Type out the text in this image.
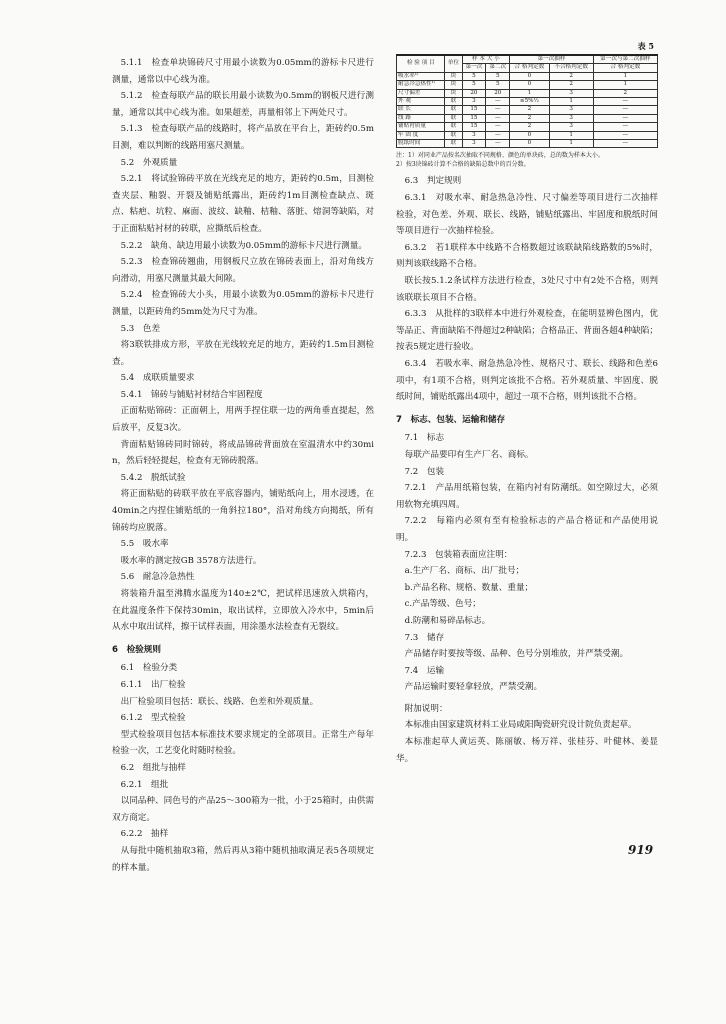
5.1.1　检查单块锦砖尺寸用最小读数为0.05mm的游标卡尺进行测量，通常以中心线为准。

5.1.2　检查每联产品的联长用最小读数为0.5mm的钢板尺进行测量，通常以其中心线为准。如果超差，再量相邻上下两处尺寸。

5.1.3　检查每联产品的线路时，将产品放在平台上，距砖约0.5m目测，难以判断的线路用塞尺测量。

5.2　外观质量

5.2.1　将试验锦砖平放在光线充足的地方，距砖约0.5m，目测检查夹层、釉裂、开裂及铺贴纸露出，距砖约1m目测检查缺点、斑点、粘疤、坑粒、麻面、波纹、缺釉、桔釉、落脏、熔洞等缺陷，对于正面粘贴衬材的砖联，应撕纸后检查。

5.2.2　缺角、缺边用最小读数为0.05mm的游标卡尺进行测量。

5.2.3　检查锦砖翘曲，用钢板尺立放在锦砖表面上，沿对角线方向滑动，用塞尺测量其最大间隙。

5.2.4　检查锦砖大小头，用最小读数为0.05mm的游标卡尺进行测量，以距砖角约5mm处为尺寸为准。

5.3　色差

将3联铁排成方形，平放在光线较充足的地方，距砖约1.5m目测检查。

5.4　成联质量要求

5.4.1　锦砖与铺贴衬材结合牢固程度

正面粘贴锦砖：正面朝上，用两手捏住联一边的两角垂直提起，然后放平，反复3次。

背面粘贴锦砖同时锦砖，将成品锦砖背面放在室温清水中约30min，然后轻轻提起，检查有无锦砖脱落。

5.4.2　脱纸试验

将正面粘贴的砖联平放在平底容器内，铺贴纸向上，用水浸透，在40min之内捏住铺贴纸的一角斜拉180°，沿对角线方向揭纸，所有锦砖均应脱落。

5.5　吸水率

吸水率的测定按GB 3578方法进行。

5.6　耐急冷急热性

将装箱升温至沸腾水温度为140±2℃，把试样迅速放入烘箱内，在此温度条件下保持30min，取出试样，立即放入冷水中，5min后从水中取出试样，擦干试样表面，用涂墨水法检查有无裂纹。

6　检验规则

6.1　检验分类

6.1.1　出厂检验

出厂检验项目包括：联长、线路、色差和外观质量。

6.1.2　型式检验

型式检验项目包括本标准技术要求规定的全部项目。正常生产每年检验一次，工艺变化时随时检验。

6.2　组批与抽样

6.2.1　组批

以同品种、同色号的产品25～300箱为一批，小于25箱时，由供需双方商定。

6.2.2　抽样

从每批中随机抽取3箱，然后再从3箱中随机抽取满足表5各项规定的样本量。

表 5
检 验 项 目	单位	样 本 大 小		第一次抽样		第一次与第二次抽样
		第一次	第二次	合 格判定数	不合格判定数	合 格判定数
吸水率¹⁾	块	5	5	0	2	1
耐急冷急热性¹⁾	块	5	5	0	2	1
尺寸偏差	块	20	20	1	3	2
外 观	联	3	—	≤5%½	1	—
联 长	联	15	—	2	3	—
线 路	联	15	—	2	3	—
铺贴衬质量	联	15	—	2	3	—
牢 固 度	联	3	—	0	1	—
脱纸时间	联	3	—	0	1	—
注：1）对同业产品按名次抽取不同规格、颜色的单块砖，总的数为样本大小。
2）按3块锦砖计算不合格的缺陷总数中的百分数。

6.3　判定规则

6.3.1　对吸水率、耐急热急冷性、尺寸偏差等项目进行二次抽样检验，对色差、外观、联长、线路，铺贴纸露出、牢固度和脱纸时间等项目进行一次抽样检验。

6.3.2　若1联样本中线路不合格数超过该联缺陷线路数的5%时，则判该联线路不合格。

联长按5.1.2条试样方法进行检查，3处尺寸中有2处不合格，则判该联联长项目不合格。

6.3.3　从批样的3联样本中进行外观检查，在能明显辨色图内，优等品正、背面缺陷不得超过2种缺陷；合格品正、背面各超4种缺陷；按表5规定进行验收。

6.3.4　若吸水率、耐急热急冷性、规格尺寸、联长、线路和色差6项中，有1项不合格，则判定该批不合格。若外观质量、牢固度、脱纸时间，铺贴纸露出4项中，超过一项不合格，则判该批不合格。

7　标志、包装、运输和储存

7.1　标志

每联产品要印有生产厂名、商标。

7.2　包装

7.2.1　产品用纸箱包装，在箱内衬有防潮纸。如空隙过大，必须用软物充填四周。

7.2.2　每箱内必须有至有检验标志的产品合格证和产品使用说明。

7.2.3　包装箱表面应注明：

a.生产厂名、商标、出厂批号；

b.产品名称、规格、数量、重量；

c.产品等级、色号；

d.防潮和易碎品标志。

7.3　储存

产品储存时要按等级、品种、色号分别堆放，并严禁受潮。

7.4　运输

产品运输时要轻拿轻放，严禁受潮。

附加说明：

本标准由国家建筑材料工业局咸阳陶瓷研究设计院负责起草。

本标准起草人黄运英、陈丽敏、杨万祥、张桂芬、叶健林、姜显华。

919
